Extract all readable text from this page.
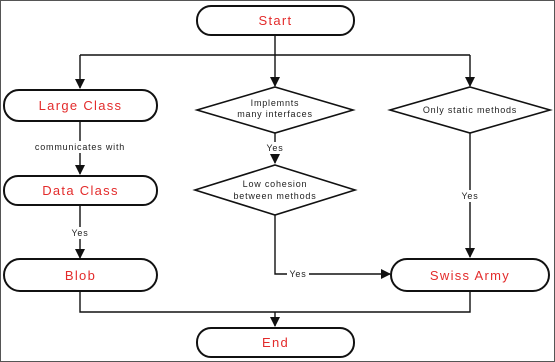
communicates with
Yes
Yes
Yes
Yes
Start
Large Class	Implemnts
many interfaces	Only static methods
Data Class	Low cohesion
between methods
Blob	Swiss Army
End
